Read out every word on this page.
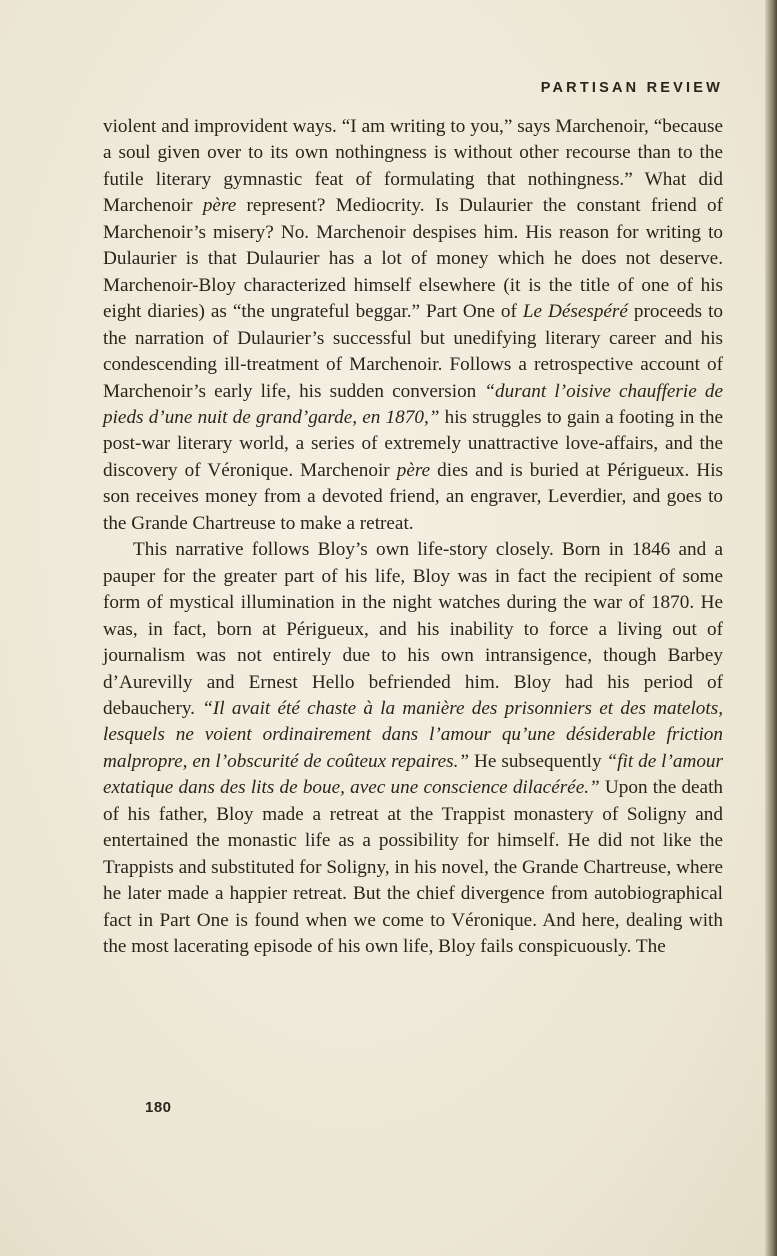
PARTISAN REVIEW

violent and improvident ways. “I am writing to you,” says Marchenoir, “because a soul given over to its own nothingness is without other recourse than to the futile literary gymnastic feat of formulating that nothingness.” What did Marchenoir père represent? Mediocrity. Is Dulaurier the constant friend of Marchenoir’s misery? No. Marchenoir despises him. His reason for writing to Dulaurier is that Dulaurier has a lot of money which he does not deserve. Marchenoir-Bloy characterized himself elsewhere (it is the title of one of his eight diaries) as “the ungrateful beggar.” Part One of Le Désespéré proceeds to the narration of Dulaurier’s successful but unedifying literary career and his condescending ill-treatment of Marchenoir. Follows a retrospective account of Marchenoir’s early life, his sudden conversion “durant l’oisive chaufferie de pieds d’une nuit de grand’garde, en 1870,” his struggles to gain a footing in the post-war literary world, a series of extremely unattractive love-affairs, and the discovery of Véronique. Marchenoir père dies and is buried at Périgueux. His son receives money from a devoted friend, an engraver, Leverdier, and goes to the Grande Chartreuse to make a retreat.

This narrative follows Bloy’s own life-story closely. Born in 1846 and a pauper for the greater part of his life, Bloy was in fact the recipient of some form of mystical illumination in the night watches during the war of 1870. He was, in fact, born at Périgueux, and his inability to force a living out of journalism was not entirely due to his own intransigence, though Barbey d’Aurevilly and Ernest Hello befriended him. Bloy had his period of debauchery. “Il avait été chaste à la manière des prisonniers et des matelots, lesquels ne voient ordinairement dans l’amour qu’une désiderable friction malpropre, en l’obscurité de coûteux repaires.” He subsequently “fit de l’amour extatique dans des lits de boue, avec une conscience dilacérée.” Upon the death of his father, Bloy made a retreat at the Trappist monastery of Soligny and entertained the monastic life as a possibility for himself. He did not like the Trappists and substituted for Soligny, in his novel, the Grande Chartreuse, where he later made a happier retreat. But the chief divergence from autobiographical fact in Part One is found when we come to Véronique. And here, dealing with the most lacerating episode of his own life, Bloy fails conspicuously. The

180
